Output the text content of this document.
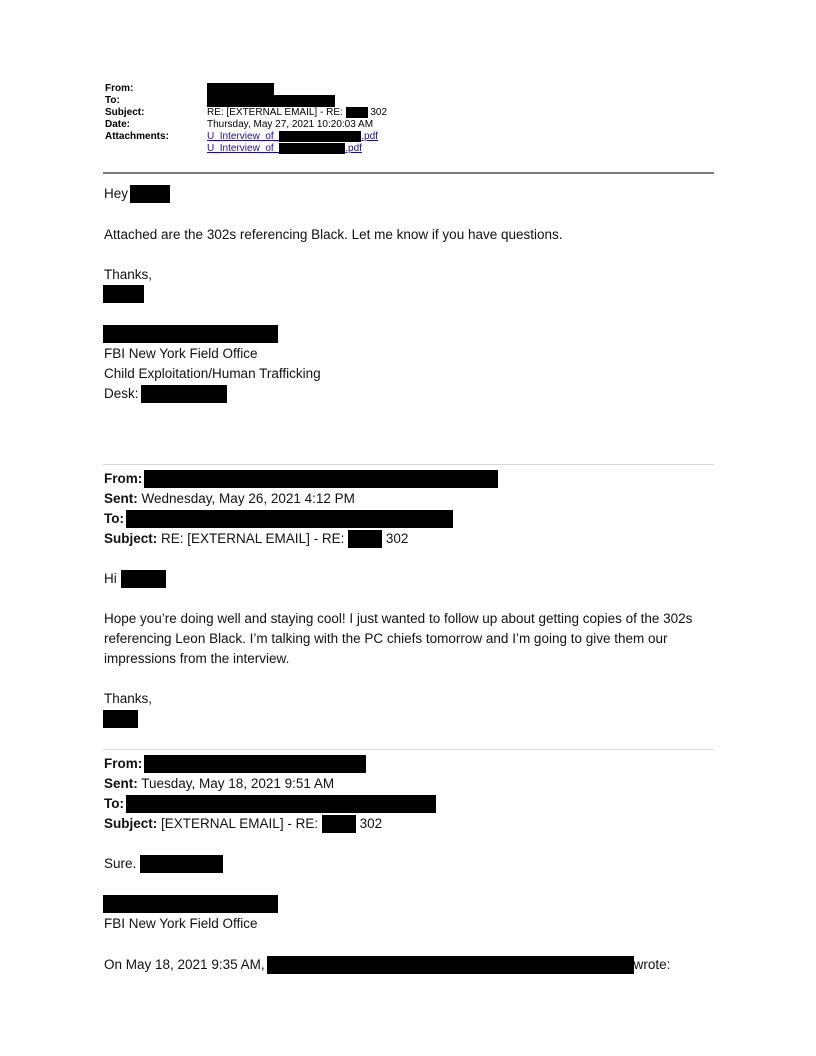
From:
To:
Subject:	RE: [EXTERNAL EMAIL] - RE:	302
Date:	Thursday, May 27, 2021 10:20:03 AM
Attachments:	U_Interview_of_	.pdf
U_Interview_of_	.pdf
Hey
Attached are the 302s referencing Black. Let me know if you have questions.
Thanks,
FBI New York Field Office
Child Exploitation/Human Trafficking
Desk:
From:
Sent: Wednesday, May 26, 2021 4:12 PM
To:
Subject: RE: [EXTERNAL EMAIL] - RE:	302
Hi
Hope you’re doing well and staying cool! I just wanted to follow up about getting copies of the 302s referencing Leon Black. I’m talking with the PC chiefs tomorrow and I’m going to give them our impressions from the interview.
Thanks,
From:
Sent: Tuesday, May 18, 2021 9:51 AM
To:
Subject: [EXTERNAL EMAIL] - RE:	302
Sure.
FBI New York Field Office
On May 18, 2021 9:35 AM,	wrote:
